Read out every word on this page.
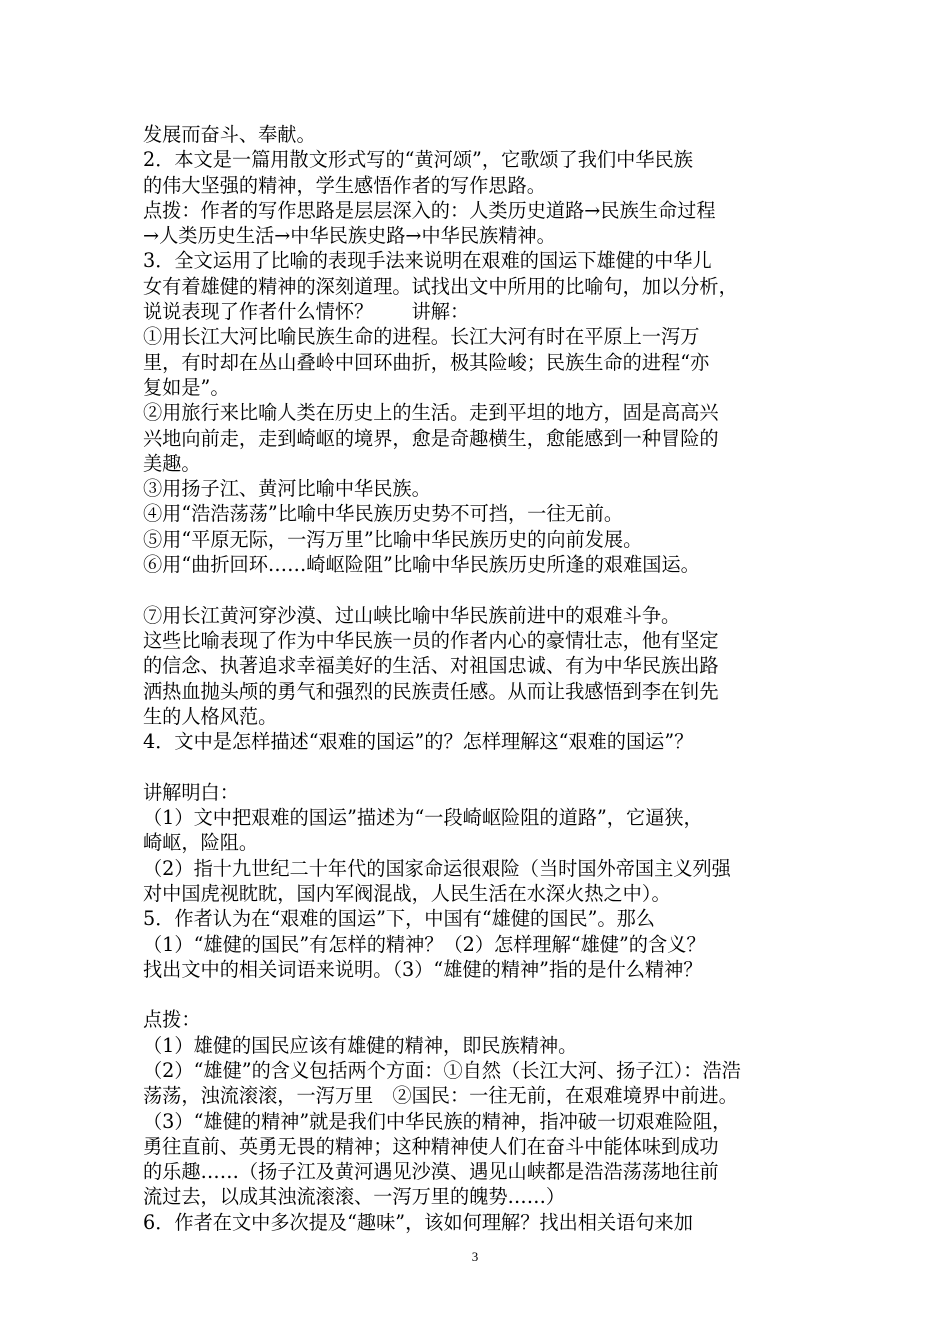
发展而奋斗、奉献。
2．本文是一篇用散文形式写的“黄河颂”，它歌颂了我们中华民族
的伟大坚强的精神，学生感悟作者的写作思路。
点拨：作者的写作思路是层层深入的：人类历史道路→民族生命过程
→人类历史生活→中华民族史路→中华民族精神。
3．全文运用了比喻的表现手法来说明在艰难的国运下雄健的中华儿
女有着雄健的精神的深刻道理。试找出文中所用的比喻句，加以分析，
说说表现了作者什么情怀？　　讲解：
①用长江大河比喻民族生命的进程。长江大河有时在平原上一泻万
里，有时却在丛山叠岭中回环曲折，极其险峻；民族生命的进程“亦
复如是”。
②用旅行来比喻人类在历史上的生活。走到平坦的地方，固是高高兴
兴地向前走，走到崎岖的境界，愈是奇趣横生，愈能感到一种冒险的
美趣。
③用扬子江、黄河比喻中华民族。
④用“浩浩荡荡”比喻中华民族历史势不可挡，一往无前。
⑤用“平原无际，一泻万里”比喻中华民族历史的向前发展。
⑥用“曲折回环……崎岖险阻”比喻中华民族历史所逢的艰难国运。
⑦用长江黄河穿沙漠、过山峡比喻中华民族前进中的艰难斗争。
这些比喻表现了作为中华民族一员的作者内心的豪情壮志，他有坚定
的信念、执著追求幸福美好的生活、对祖国忠诚、有为中华民族出路
洒热血抛头颅的勇气和强烈的民族责任感。从而让我感悟到李在钊先
生的人格风范。
4．文中是怎样描述“艰难的国运”的？怎样理解这“艰难的国运”？
讲解明白：
（1）文中把艰难的国运”描述为“一段崎岖险阻的道路”，它逼狭，
崎岖，险阻。
（2）指十九世纪二十年代的国家命运很艰险（当时国外帝国主义列强
对中国虎视眈眈，国内军阀混战，人民生活在水深火热之中）。
5．作者认为在“艰难的国运”下，中国有“雄健的国民”。那么
（1）“雄健的国民”有怎样的精神？（2）怎样理解“雄健”的含义？
找出文中的相关词语来说明。（3）“雄健的精神”指的是什么精神？
点拨：
（1）雄健的国民应该有雄健的精神，即民族精神。
（2）“雄健”的含义包括两个方面：①自然（长江大河、扬子江）：浩浩
荡荡，浊流滚滚，一泻万里　②国民：一往无前，在艰难境界中前进。
（3）“雄健的精神”就是我们中华民族的精神，指冲破一切艰难险阻，
勇往直前、英勇无畏的精神；这种精神使人们在奋斗中能体味到成功
的乐趣……（扬子江及黄河遇见沙漠、遇见山峡都是浩浩荡荡地往前
流过去，以成其浊流滚滚、一泻万里的魄势……）
6．作者在文中多次提及“趣味”，该如何理解？找出相关语句来加
3
